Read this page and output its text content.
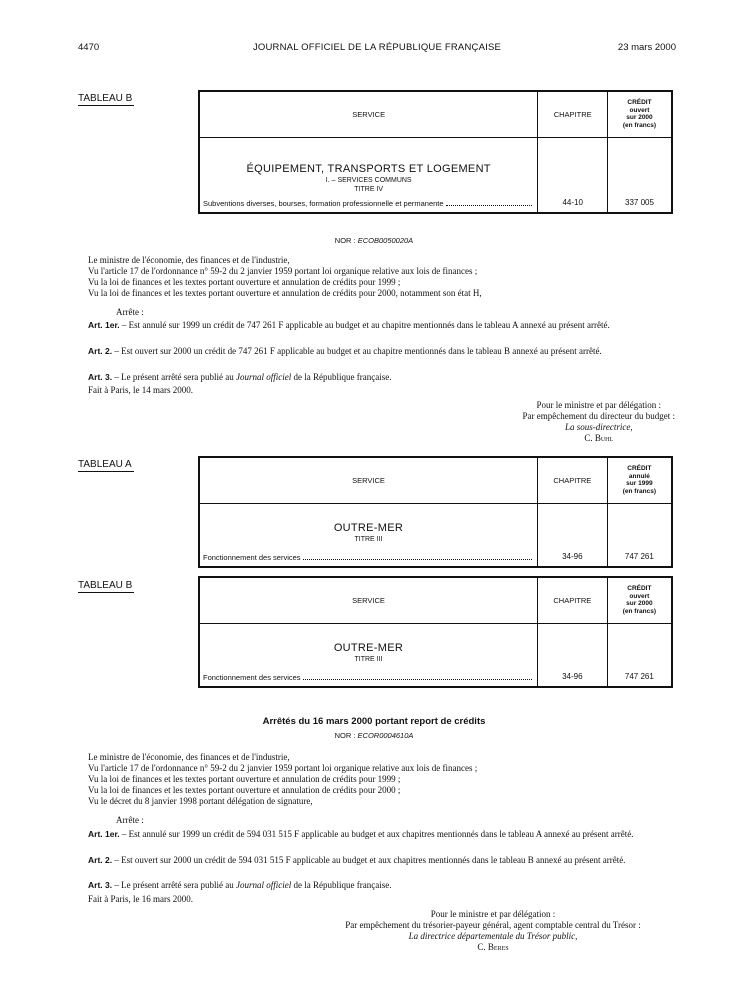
4470	JOURNAL OFFICIEL DE LA RÉPUBLIQUE FRANÇAISE	23 mars 2000
TABLEAU B
SERVICE	CHAPITRE	CRÉDIT
ouvert
sur 2000
(en francs)

ÉQUIPEMENT, TRANSPORTS ET LOGEMENT
I. – SERVICES COMMUNS
TITRE IV
Subventions diverses, bourses, formation professionnelle et permanente	44-10	337 005
NOR : ECOB0050020A
Le ministre de l'économie, des finances et de l'industrie,
Vu l'article 17 de l'ordonnance n° 59-2 du 2 janvier 1959 portant loi organique relative aux lois de finances ;
Vu la loi de finances et les textes portant ouverture et annulation de crédits pour 1999 ;
Vu la loi de finances et les textes portant ouverture et annulation de crédits pour 2000, notamment son état H,
Arrête :
Art. 1er. – Est annulé sur 1999 un crédit de 747 261 F applicable au budget et au chapitre mentionnés dans le tableau A annexé au présent arrêté.
Art. 2. – Est ouvert sur 2000 un crédit de 747 261 F applicable au budget et au chapitre mentionnés dans le tableau B annexé au présent arrêté.
Art. 3. – Le présent arrêté sera publié au Journal officiel de la République française.
Fait à Paris, le 14 mars 2000.
Pour le ministre et par délégation :
Par empêchement du directeur du budget :
La sous-directrice,
C. Buhl
TABLEAU A
SERVICE	CHAPITRE	CRÉDIT
annulé
sur 1999
(en francs)

OUTRE-MER
TITRE III
Fonctionnement des services	34-96	747 261
TABLEAU B
SERVICE	CHAPITRE	CRÉDIT
ouvert
sur 2000
(en francs)

OUTRE-MER
TITRE III
Fonctionnement des services	34-96	747 261
Arrêtés du 16 mars 2000 portant report de crédits
NOR : ECOR0004610A
Le ministre de l'économie, des finances et de l'industrie,
Vu l'article 17 de l'ordonnance n° 59-2 du 2 janvier 1959 portant loi organique relative aux lois de finances ;
Vu la loi de finances et les textes portant ouverture et annulation de crédits pour 1999 ;
Vu la loi de finances et les textes portant ouverture et annulation de crédits pour 2000 ;
Vu le décret du 8 janvier 1998 portant délégation de signature,
Arrête :
Art. 1er. – Est annulé sur 1999 un crédit de 594 031 515 F applicable au budget et aux chapitres mentionnés dans le tableau A annexé au présent arrêté.
Art. 2. – Est ouvert sur 2000 un crédit de 594 031 515 F applicable au budget et aux chapitres mentionnés dans le tableau B annexé au présent arrêté.
Art. 3. – Le présent arrêté sera publié au Journal officiel de la République française.
Fait à Paris, le 16 mars 2000.
Pour le ministre et par délégation :
Par empêchement du trésorier-payeur général, agent comptable central du Trésor :
La directrice départementale du Trésor public,
C. Beres
